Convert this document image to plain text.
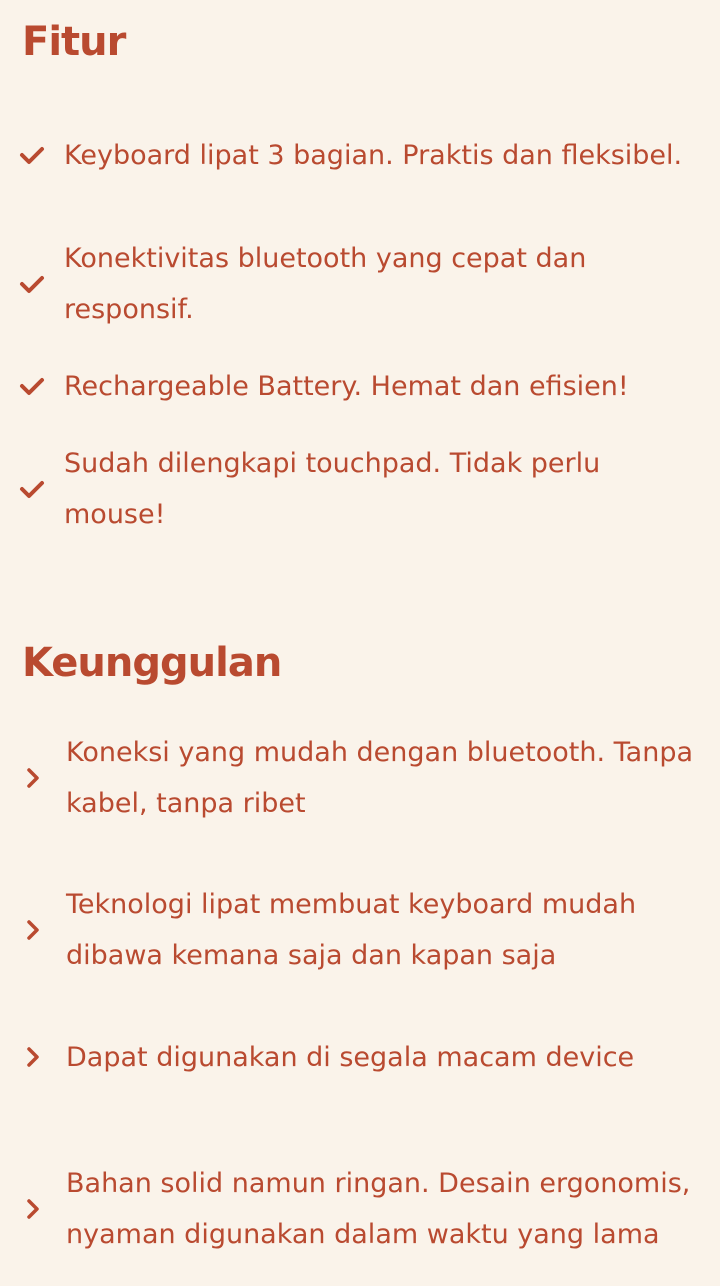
Fitur
Keyboard lipat 3 bagian. Praktis dan fleksibel.
Konektivitas bluetooth yang cepat dan responsif.
Rechargeable Battery. Hemat dan efisien!
Sudah dilengkapi touchpad. Tidak perlu mouse!
Keunggulan
Koneksi yang mudah dengan bluetooth. Tanpa kabel, tanpa ribet
Teknologi lipat membuat keyboard mudah dibawa kemana saja dan kapan saja
Dapat digunakan di segala macam device
Bahan solid namun ringan. Desain ergonomis, nyaman digunakan dalam waktu yang lama
